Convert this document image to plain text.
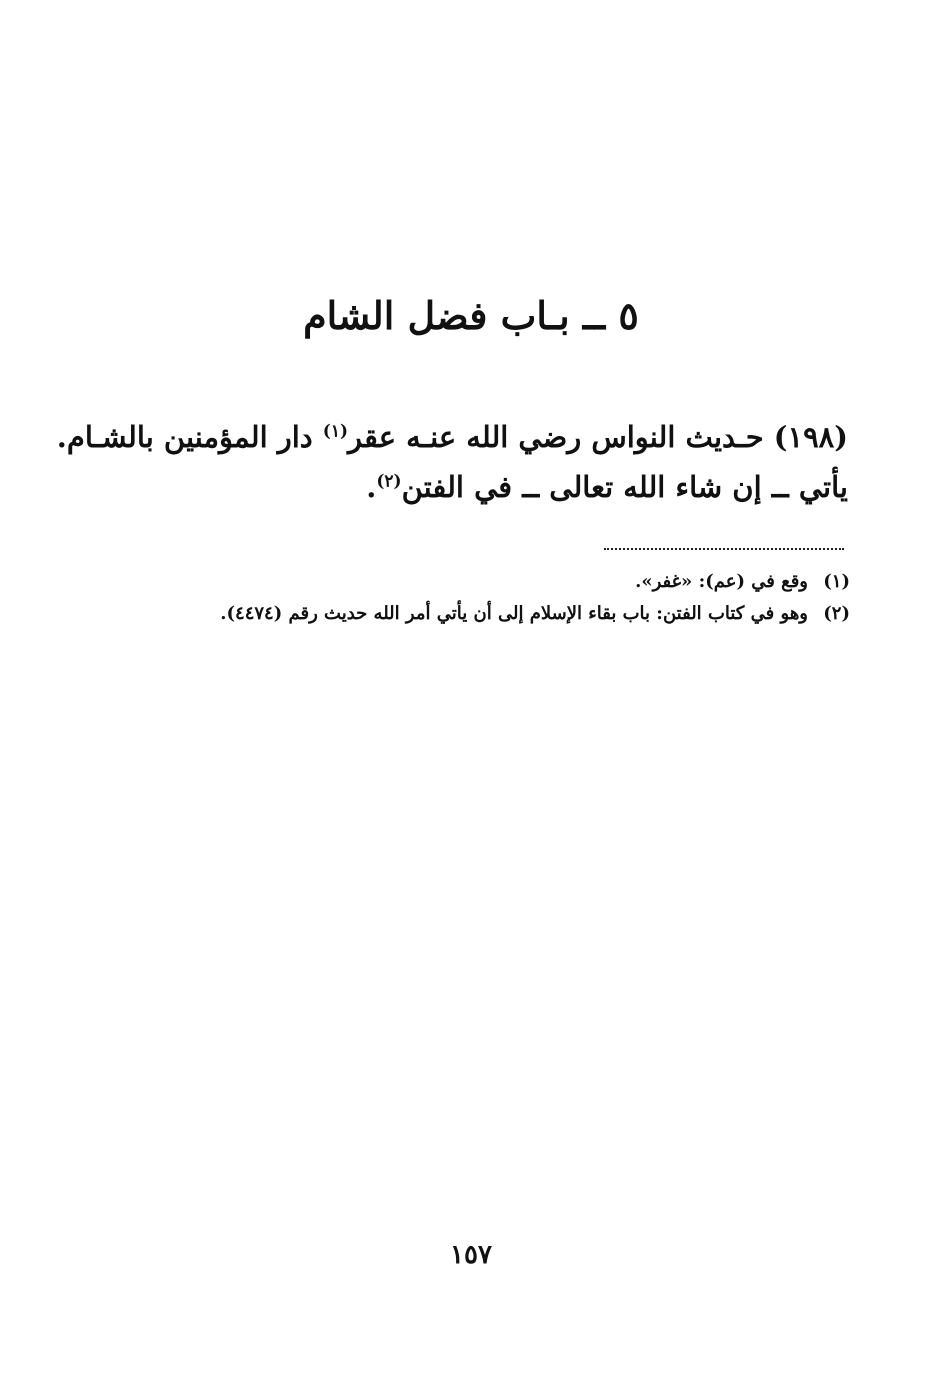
٥ ــ بـاب فضل الشام
(١٩٨) حـديث النواس رضي الله عنـه عقر$^{(١)}$ دار المؤمنين بالشـام.
يأتي ــ إن شاء الله تعالى ــ في الفتن$^{(٢)}$.
(١)
وقع في (عم): «غفر».
(٢)
وهو في كتاب الفتن: باب بقاء الإسلام إلى أن يأتي أمر الله حديث رقم (٤٤٧٤).
١٥٧
